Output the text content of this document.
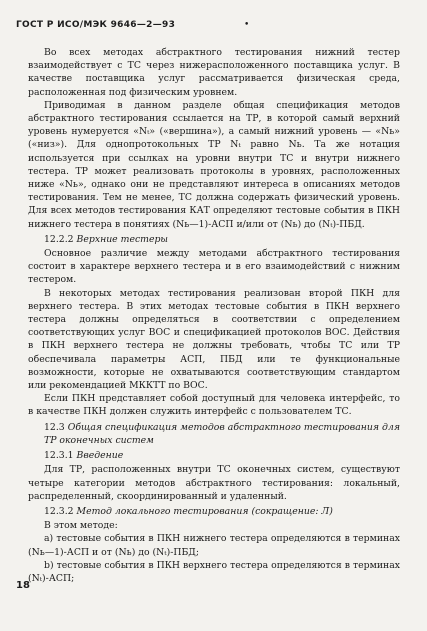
ГОСТ Р ИСО/МЭК 9646—2—93	•

Во всех методах абстрактного тестирования нижний тестер взаимодействует с ТС через нижерасположенного поставщика услуг. В качестве поставщика услуг рассматривается физическая среда, расположенная под физическим уровнем.

Приводимая в данном разделе общая спецификация методов абстрактного тестирования ссылается на ТР, в которой самый верхний уровень нумеруется «Nₜ» («вершина»), а самый нижний уровень — «Nь» («низ»). Для однопротокольных ТР Nₜ равно Nь. Та же нотация используется при ссылках на уровни внутри ТС и внутри нижнего тестера. ТР может реализовать протоколы в уровнях, расположенных ниже «Nь», однако они не представляют интереса в описаниях методов тестирования. Тем не менее, ТС должна содержать физический уровень. Для всех методов тестирования КАТ определяют тестовые события в ПКН нижнего тестера в понятиях (Nь—1)-АСП и/или от (Nь) до (Nₜ)-ПБД.

12.2.2 Верхние тестеры

Основное различие между методами абстрактного тестирования состоит в характере верхнего тестера и в его взаимодействий с нижним тестером.

В некоторых методах тестирования реализован второй ПКН для верхнего тестера. В этих методах тестовые события в ПКН верхнего тестера должны определяться в соответствии с определением соответствующих услуг ВОС и спецификацией протоколов ВОС. Действия в ПКН верхнего тестера не должны требовать, чтобы ТС или ТР обеспечивала параметры АСП, ПБД или те функциональные возможности, которые не охватываются соответствующим стандартом или рекомендацией МККТТ по ВОС.

Если ПКН представляет собой доступный для человека интерфейс, то в качестве ПКН должен служить интерфейс с пользователем ТС.

12.3 Общая спецификация методов абстрактного тестирования для ТР оконечных систем
12.3.1 Введение

Для ТР, расположенных внутри ТС оконечных систем, существуют четыре категории методов абстрактного тестирования: локальный, распределенный, скоординированный и удаленный.

12.3.2 Метод локального тестирования (сокращение: Л)

В этом методе:

а) тестовые события в ПКН нижнего тестера определяются в терминах (Nь—1)-АСП и от (Nь) до (Nₜ)-ПБД;

b) тестовые события в ПКН верхнего тестера определяются в терминах (Nₜ)-АСП;

18
